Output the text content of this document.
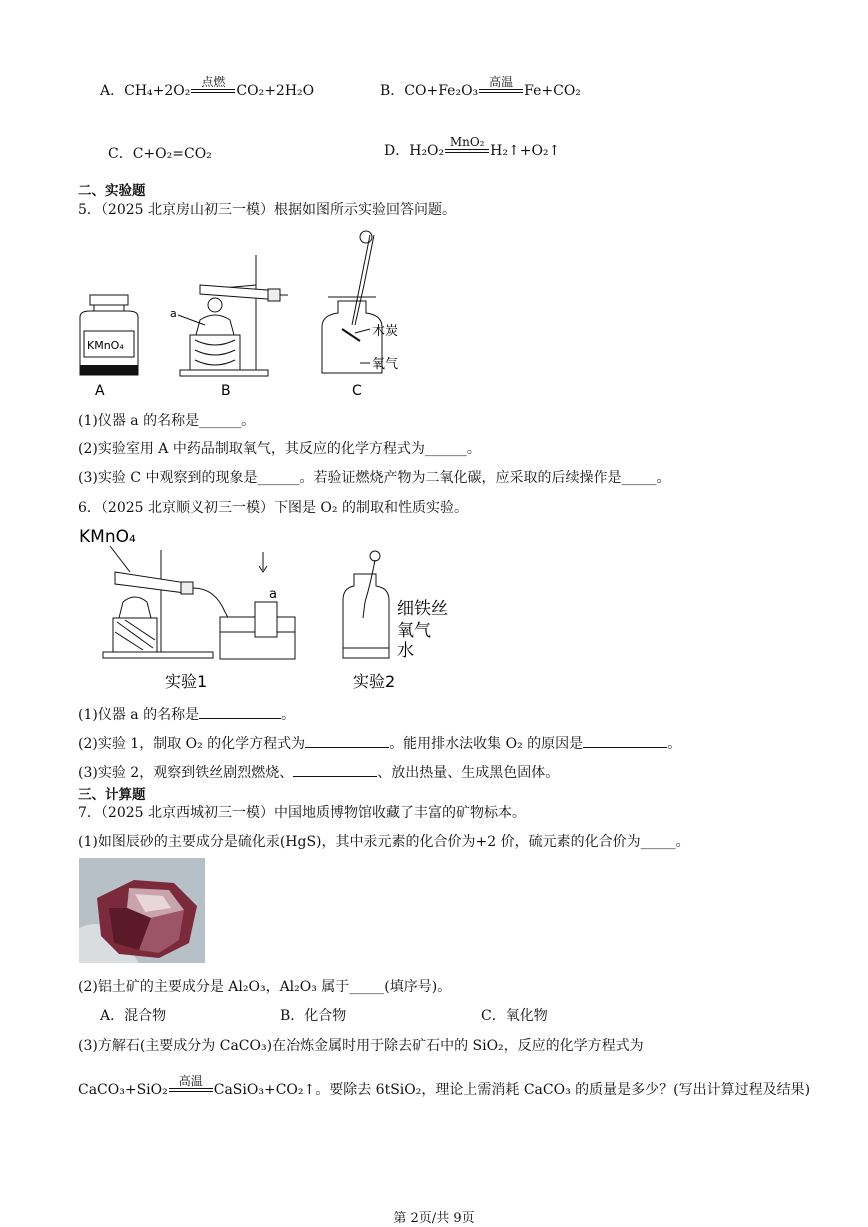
A．CH₄+2O₂
点燃
CO₂+2H₂O	B．CO+Fe₂O₃
高温
Fe+CO₂
C．C+O₂=CO₂	D．H₂O₂
MnO₂
H₂↑+O₂↑
二、实验题
5．（2025 北京房山初三一模）根据如图所示实验回答问题。
KMnO₄
A
a
B
木炭
氧气
C
(1)仪器 a 的名称是______。
(2)实验室用 A 中药品制取氧气，其反应的化学方程式为______。
(3)实验 C 中观察到的现象是______。若验证燃烧产物为二氧化碳，应采取的后续操作是_____。
6．（2025 北京顺义初三一模）下图是 O₂ 的制取和性质实验。
KMnO₄
a
实验1
细铁丝
氧气
水
实验2
(1)仪器 a 的名称是	。
(2)实验 1，制取 O₂ 的化学方程式为	。能用排水法收集 O₂ 的原因是	。
(3)实验 2，观察到铁丝剧烈燃烧、	、放出热量、生成黑色固体。
三、计算题
7．（2025 北京西城初三一模）中国地质博物馆收藏了丰富的矿物标本。
(1)如图辰砂的主要成分是硫化汞(HgS)，其中汞元素的化合价为+2 价，硫元素的化合价为_____。
(2)铝土矿的主要成分是 Al₂O₃，Al₂O₃ 属于_____(填序号)。
A．混合物	B．化合物	C．氧化物
(3)方解石(主要成分为 CaCO₃)在冶炼金属时用于除去矿石中的 SiO₂，反应的化学方程式为
CaCO₃+SiO₂
高温
CaSiO₃+CO₂↑。要除去 6tSiO₂，理论上需消耗 CaCO₃ 的质量是多少？(写出计算过程及结果)
第 2页/共 9页
